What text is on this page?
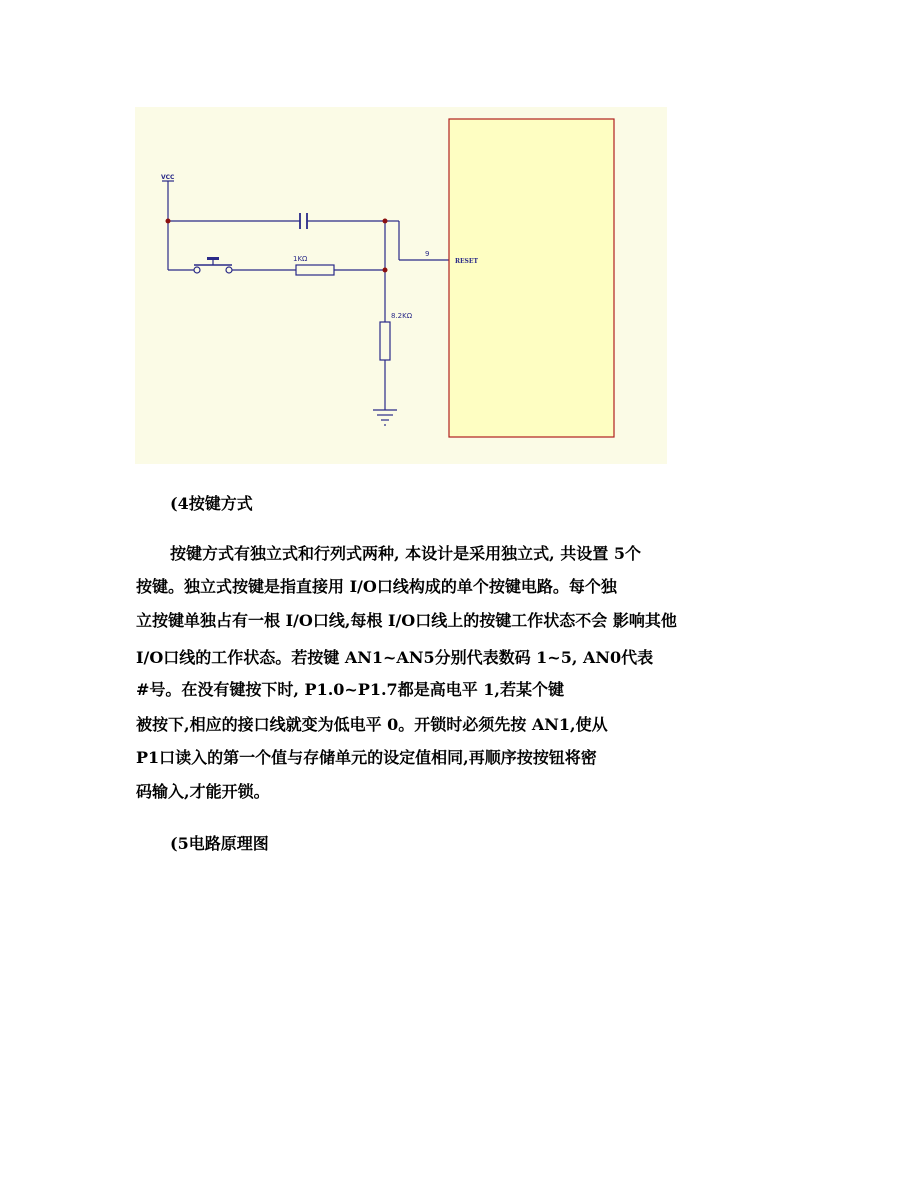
VCC
1KΩ
9
8.2KΩ
RESET

(4按键方式

按键方式有独立式和行列式两种, 本设计是采用独立式, 共设置 5个

按键。独立式按键是指直接用 I/O口线构成的单个按键电路。每个独

立按键单独占有一根 I/O口线,每根 I/O口线上的按键工作状态不会 影响其他

I/O口线的工作状态。若按键 AN1~AN5分别代表数码 1~5, AN0代表

#号。在没有键按下时, P1.0~P1.7都是高电平 1,若某个键

被按下,相应的接口线就变为低电平 0。开锁时必须先按 AN1,使从

P1口读入的第一个值与存储单元的设定值相同,再顺序按按钮将密

码输入,才能开锁。

(5电路原理图
